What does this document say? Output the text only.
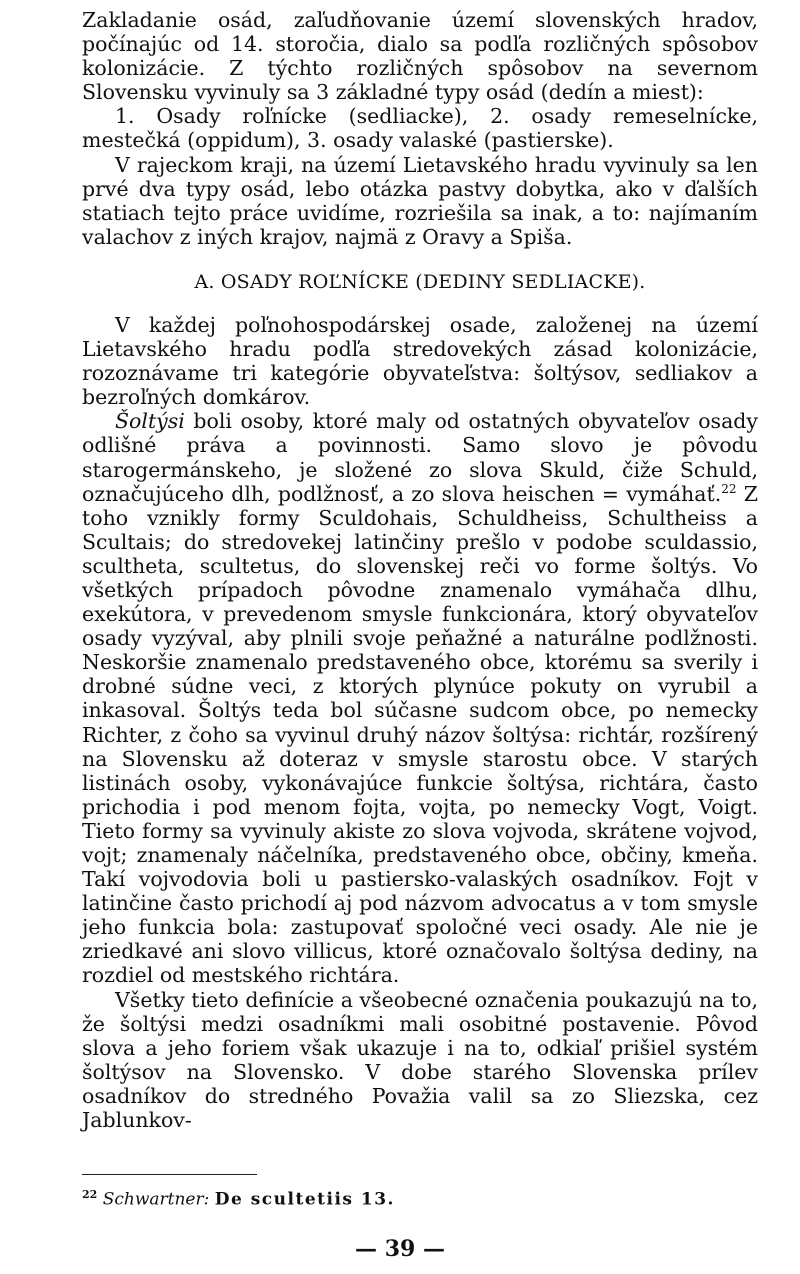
Zakladanie osád, zaľudňovanie území slovenských hradov, počínajúc od 14. storočia, dialo sa podľa rozličných spôsobov kolonizácie. Z týchto rozličných spôsobov na severnom Slovensku vyvinuly sa 3 základné typy osád (dedín a miest):

1. Osady roľnícke (sedliacke), 2. osady remeselnícke, mestečká (oppidum), 3. osady valaské (pastierske).

V rajeckom kraji, na území Lietavského hradu vyvinuly sa len prvé dva typy osád, lebo otázka pastvy dobytka, ako v ďalších statiach tejto práce uvidíme, rozriešila sa inak, a to: najímaním valachov z iných krajov, najmä z Oravy a Spiša.

A. OSADY ROĽNÍCKE (DEDINY SEDLIACKE).

V každej poľnohospodárskej osade, založenej na území Lietavského hradu podľa stredovekých zásad kolonizácie, rozoznávame tri kategórie obyvateľstva: šoltýsov, sedliakov a bezroľných domkárov.

Šoltýsi boli osoby, ktoré maly od ostatných obyvateľov osady odlišné práva a povinnosti. Samo slovo je pôvodu starogermánskeho, je složené zo slova Skuld, čiže Schuld, označujúceho dlh, podlžnosť, a zo slova heischen = vymáhať.$^{22}$ Z toho vznikly formy Sculdohais, Schuldheiss, Schultheiss a Scultais; do stredovekej latinčiny prešlo v podobe sculdassio, scultheta, scultetus, do slovenskej reči vo forme šoltýs. Vo všetkých prípadoch pôvodne znamenalo vymáhača dlhu, exekútora, v prevedenom smysle funkcionára, ktorý obyvateľov osady vyzýval, aby plnili svoje peňažné a naturálne podlžnosti. Neskoršie znamenalo predstaveného obce, ktorému sa sverily i drobné súdne veci, z ktorých plynúce pokuty on vyrubil a inkasoval. Šoltýs teda bol súčasne sudcom obce, po nemecky Richter, z čoho sa vyvinul druhý názov šoltýsa: richtár, rozšírený na Slovensku až doteraz v smysle starostu obce. V starých listinách osoby, vykonávajúce funkcie šoltýsa, richtára, často prichodia i pod menom fojta, vojta, po nemecky Vogt, Voigt. Tieto formy sa vyvinuly akiste zo slova vojvoda, skrátene vojvod, vojt; znamenaly náčelníka, predstaveného obce, občiny, kmeňa. Takí vojvodovia boli u pastiersko-valaských osadníkov. Fojt v latinčine často prichodí aj pod názvom advocatus a v tom smysle jeho funkcia bola: zastupovať spoločné veci osady. Ale nie je zriedkavé ani slovo villicus, ktoré označovalo šoltýsa dediny, na rozdiel od mestského richtára.

Všetky tieto definície a všeobecné označenia poukazujú na to, že šoltýsi medzi osadníkmi mali osobitné postavenie. Pôvod slova a jeho foriem však ukazuje i na to, odkiaľ prišiel systém šoltýsov na Slovensko. V dobe starého Slovenska prílev osadníkov do stredného Považia valil sa zo Sliezska, cez Jablunkov-

$^{22}$ Schwartner: De scultetiis 13.
— 39 —
